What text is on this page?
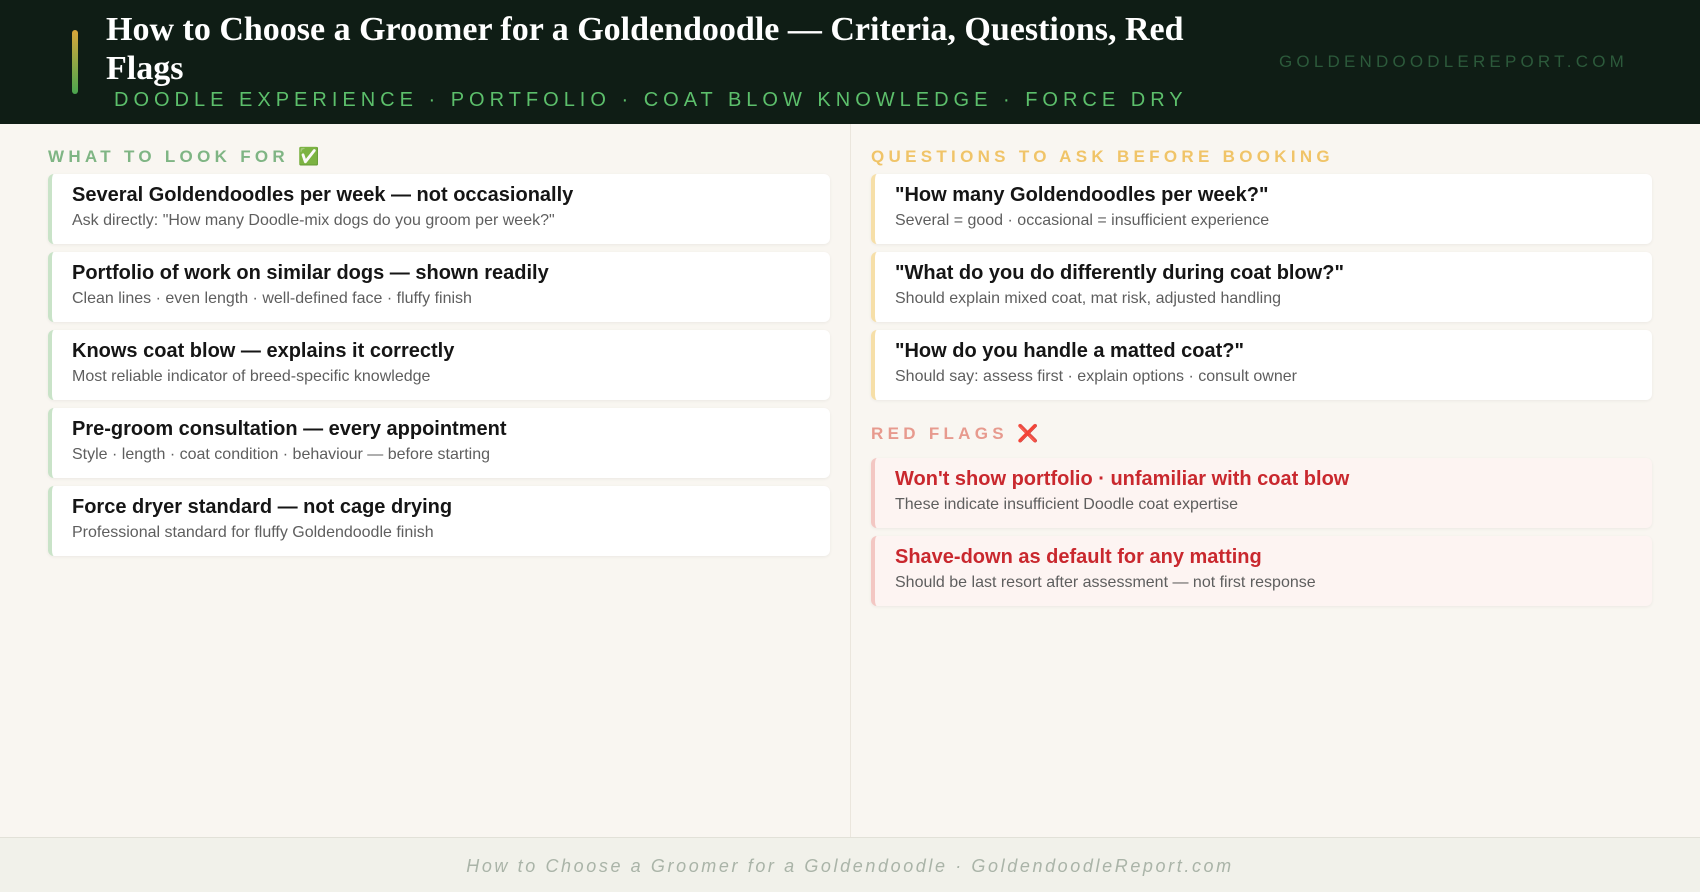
How to Choose a Groomer for a Goldendoodle — Criteria, Questions, Red Flags
DOODLE EXPERIENCE · PORTFOLIO · COAT BLOW KNOWLEDGE · FORCE DRY
GOLDENDOODLEREPORT.COM
WHAT TO LOOK FOR ✅
Several Goldendoodles per week — not occasionally
Ask directly: "How many Doodle-mix dogs do you groom per week?"
Portfolio of work on similar dogs — shown readily
Clean lines · even length · well-defined face · fluffy finish
Knows coat blow — explains it correctly
Most reliable indicator of breed-specific knowledge
Pre-groom consultation — every appointment
Style · length · coat condition · behaviour — before starting
Force dryer standard — not cage drying
Professional standard for fluffy Goldendoodle finish
QUESTIONS TO ASK BEFORE BOOKING
"How many Goldendoodles per week?"
Several = good · occasional = insufficient experience
"What do you do differently during coat blow?"
Should explain mixed coat, mat risk, adjusted handling
"How do you handle a matted coat?"
Should say: assess first · explain options · consult owner
RED FLAGS ❌
Won't show portfolio · unfamiliar with coat blow
These indicate insufficient Doodle coat expertise
Shave-down as default for any matting
Should be last resort after assessment — not first response
How to Choose a Groomer for a Goldendoodle · GoldendoodleReport.com
